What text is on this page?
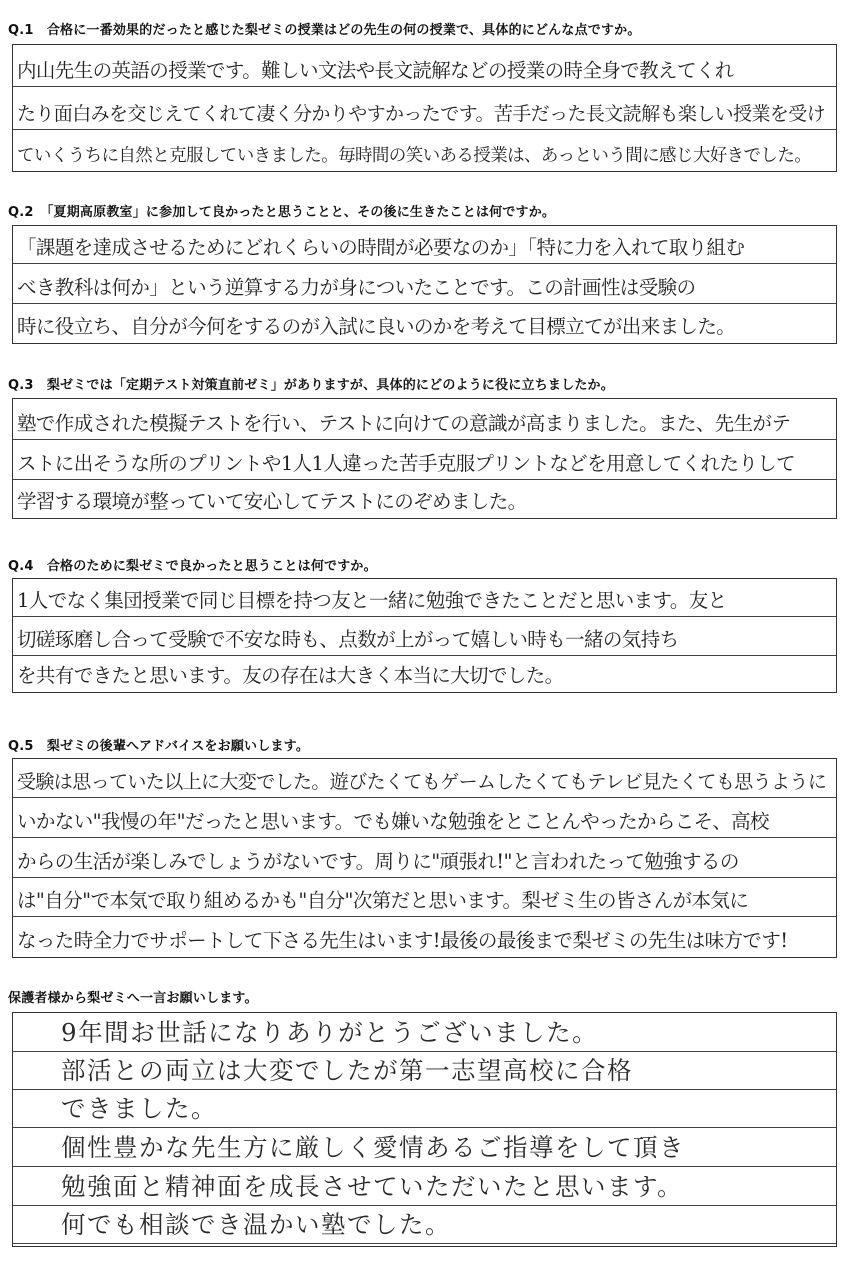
Q.1　合格に一番効果的だったと感じた梨ゼミの授業はどの先生の何の授業で、具体的にどんな点ですか。
内山先生の英語の授業です。難しい文法や長文読解などの授業の時全身で教えてくれ
たり面白みを交じえてくれて凄く分かりやすかったです。苦手だった長文読解も楽しい授業を受け
ていくうちに自然と克服していきました。毎時間の笑いある授業は、あっという間に感じ大好きでした。
Q.2　「夏期高原教室」に参加して良かったと思うことと、その後に生きたことは何ですか。
「課題を達成させるためにどれくらいの時間が必要なのか」「特に力を入れて取り組む
べき教科は何か」という逆算する力が身についたことです。この計画性は受験の
時に役立ち、自分が今何をするのが入試に良いのかを考えて目標立てが出来ました。
Q.3　梨ゼミでは「定期テスト対策直前ゼミ」がありますが、具体的にどのように役に立ちましたか。
塾で作成された模擬テストを行い、テストに向けての意識が高まりました。また、先生がテ
ストに出そうな所のプリントや1人1人違った苦手克服プリントなどを用意してくれたりして
学習する環境が整っていて安心してテストにのぞめました。
Q.4　合格のために梨ゼミで良かったと思うことは何ですか。
1人でなく集団授業で同じ目標を持つ友と一緒に勉強できたことだと思います。友と
切磋琢磨し合って受験で不安な時も、点数が上がって嬉しい時も一緒の気持ち
を共有できたと思います。友の存在は大きく本当に大切でした。
Q.5　梨ゼミの後輩へアドバイスをお願いします。
受験は思っていた以上に大変でした。遊びたくてもゲームしたくてもテレビ見たくても思うように
いかない"我慢の年"だったと思います。でも嫌いな勉強をとことんやったからこそ、高校
からの生活が楽しみでしょうがないです。周りに"頑張れ!"と言われたって勉強するの
は"自分"で本気で取り組めるかも"自分"次第だと思います。梨ゼミ生の皆さんが本気に
なった時全力でサポートして下さる先生はいます!最後の最後まで梨ゼミの先生は味方です!
保護者様から梨ゼミへ一言お願いします。
9年間お世話になりありがとうございました。
部活との両立は大変でしたが第一志望高校に合格
できました。
個性豊かな先生方に厳しく愛情あるご指導をして頂き
勉強面と精神面を成長させていただいたと思います。
何でも相談でき温かい塾でした。
